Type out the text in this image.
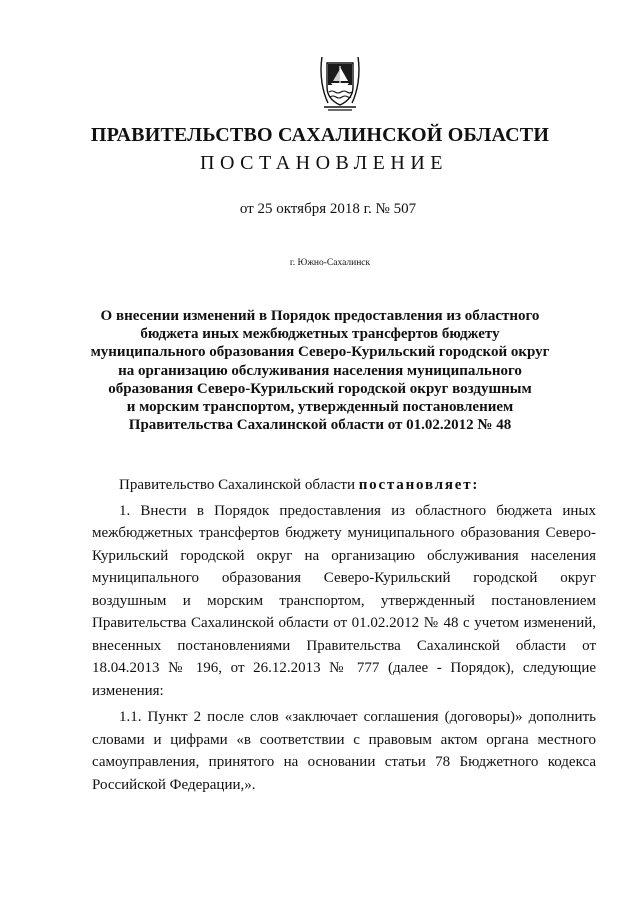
ПРАВИТЕЛЬСТВО САХАЛИНСКОЙ ОБЛАСТИ
ПОСТАНОВЛЕНИЕ
от 25 октября 2018 г. № 507
г. Южно-Сахалинск
О внесении изменений в Порядок предоставления из областного
бюджета иных межбюджетных трансфертов бюджету
муниципального образования Северо-Курильский городской округ
на организацию обслуживания населения муниципального
образования Северо-Курильский городской округ воздушным
и морским транспортом, утвержденный постановлением
Правительства Сахалинской области от 01.02.2012 № 48

Правительство Сахалинской области постановляет:

1. Внести в Порядок предоставления из областного бюджета иных межбюджетных трансфертов бюджету муниципального образования Северо-Курильский городской округ на организацию обслуживания населения муниципального образования Северо-Курильский городской округ воздушным и морским транспортом, утвержденный постановлением Правительства Сахалинской области от 01.02.2012 № 48 с учетом изменений, внесенных постановлениями Правительства Сахалинской области от 18.04.2013 № 196, от 26.12.2013 № 777 (далее - Порядок), следующие изменения:

1.1. Пункт 2 после слов «заключает соглашения (договоры)» дополнить словами и цифрами «в соответствии с правовым актом органа местного самоуправления, принятого на основании статьи 78 Бюджетного кодекса Российской Федерации,».
